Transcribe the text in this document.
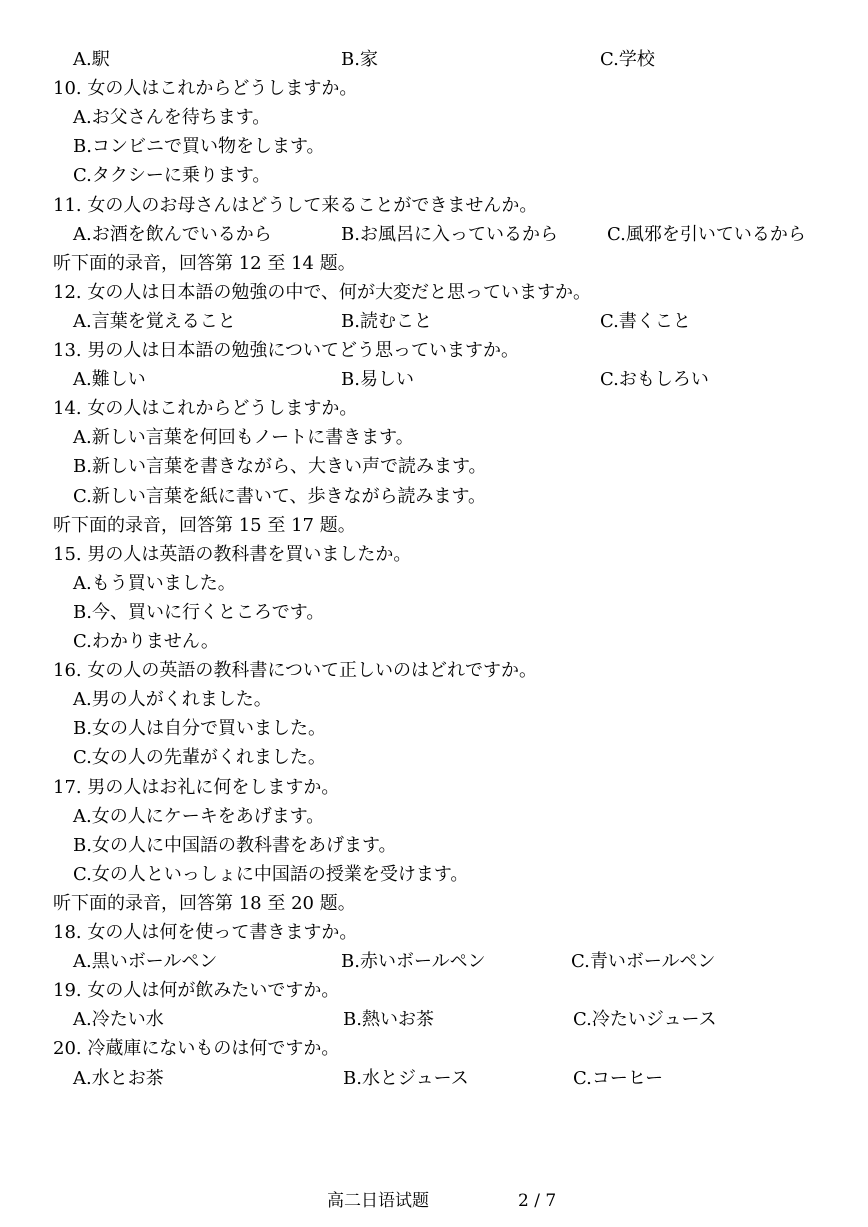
A.駅	B.家	C.学校
10. 女の人はこれからどうしますか。
A.お父さんを待ちます。
B.コンビニで買い物をします。
C.タクシーに乗ります。
11. 女の人のお母さんはどうして来ることができませんか。
A.お酒を飲んでいるから	B.お風呂に入っているから	C.風邪を引いているから
听下面的录音，回答第 12 至 14 题。
12. 女の人は日本語の勉強の中で、何が大変だと思っていますか。
A.言葉を覚えること	B.読むこと	C.書くこと
13. 男の人は日本語の勉強についてどう思っていますか。
A.難しい	B.易しい	C.おもしろい
14. 女の人はこれからどうしますか。
A.新しい言葉を何回もノートに書きます。
B.新しい言葉を書きながら、大きい声で読みます。
C.新しい言葉を紙に書いて、歩きながら読みます。
听下面的录音，回答第 15 至 17 题。
15. 男の人は英語の教科書を買いましたか。
A.もう買いました。
B.今、買いに行くところです。
C.わかりません。
16. 女の人の英語の教科書について正しいのはどれですか。
A.男の人がくれました。
B.女の人は自分で買いました。
C.女の人の先輩がくれました。
17. 男の人はお礼に何をしますか。
A.女の人にケーキをあげます。
B.女の人に中国語の教科書をあげます。
C.女の人といっしょに中国語の授業を受けます。
听下面的录音，回答第 18 至 20 题。
18. 女の人は何を使って書きますか。
A.黒いボールペン	B.赤いボールペン	C.青いボールペン
19. 女の人は何が飲みたいですか。
A.冷たい水	B.熱いお茶	C.冷たいジュース
20. 冷蔵庫にないものは何ですか。
A.水とお茶	B.水とジュース	C.コーヒー
高二日语试题	2 / 7
